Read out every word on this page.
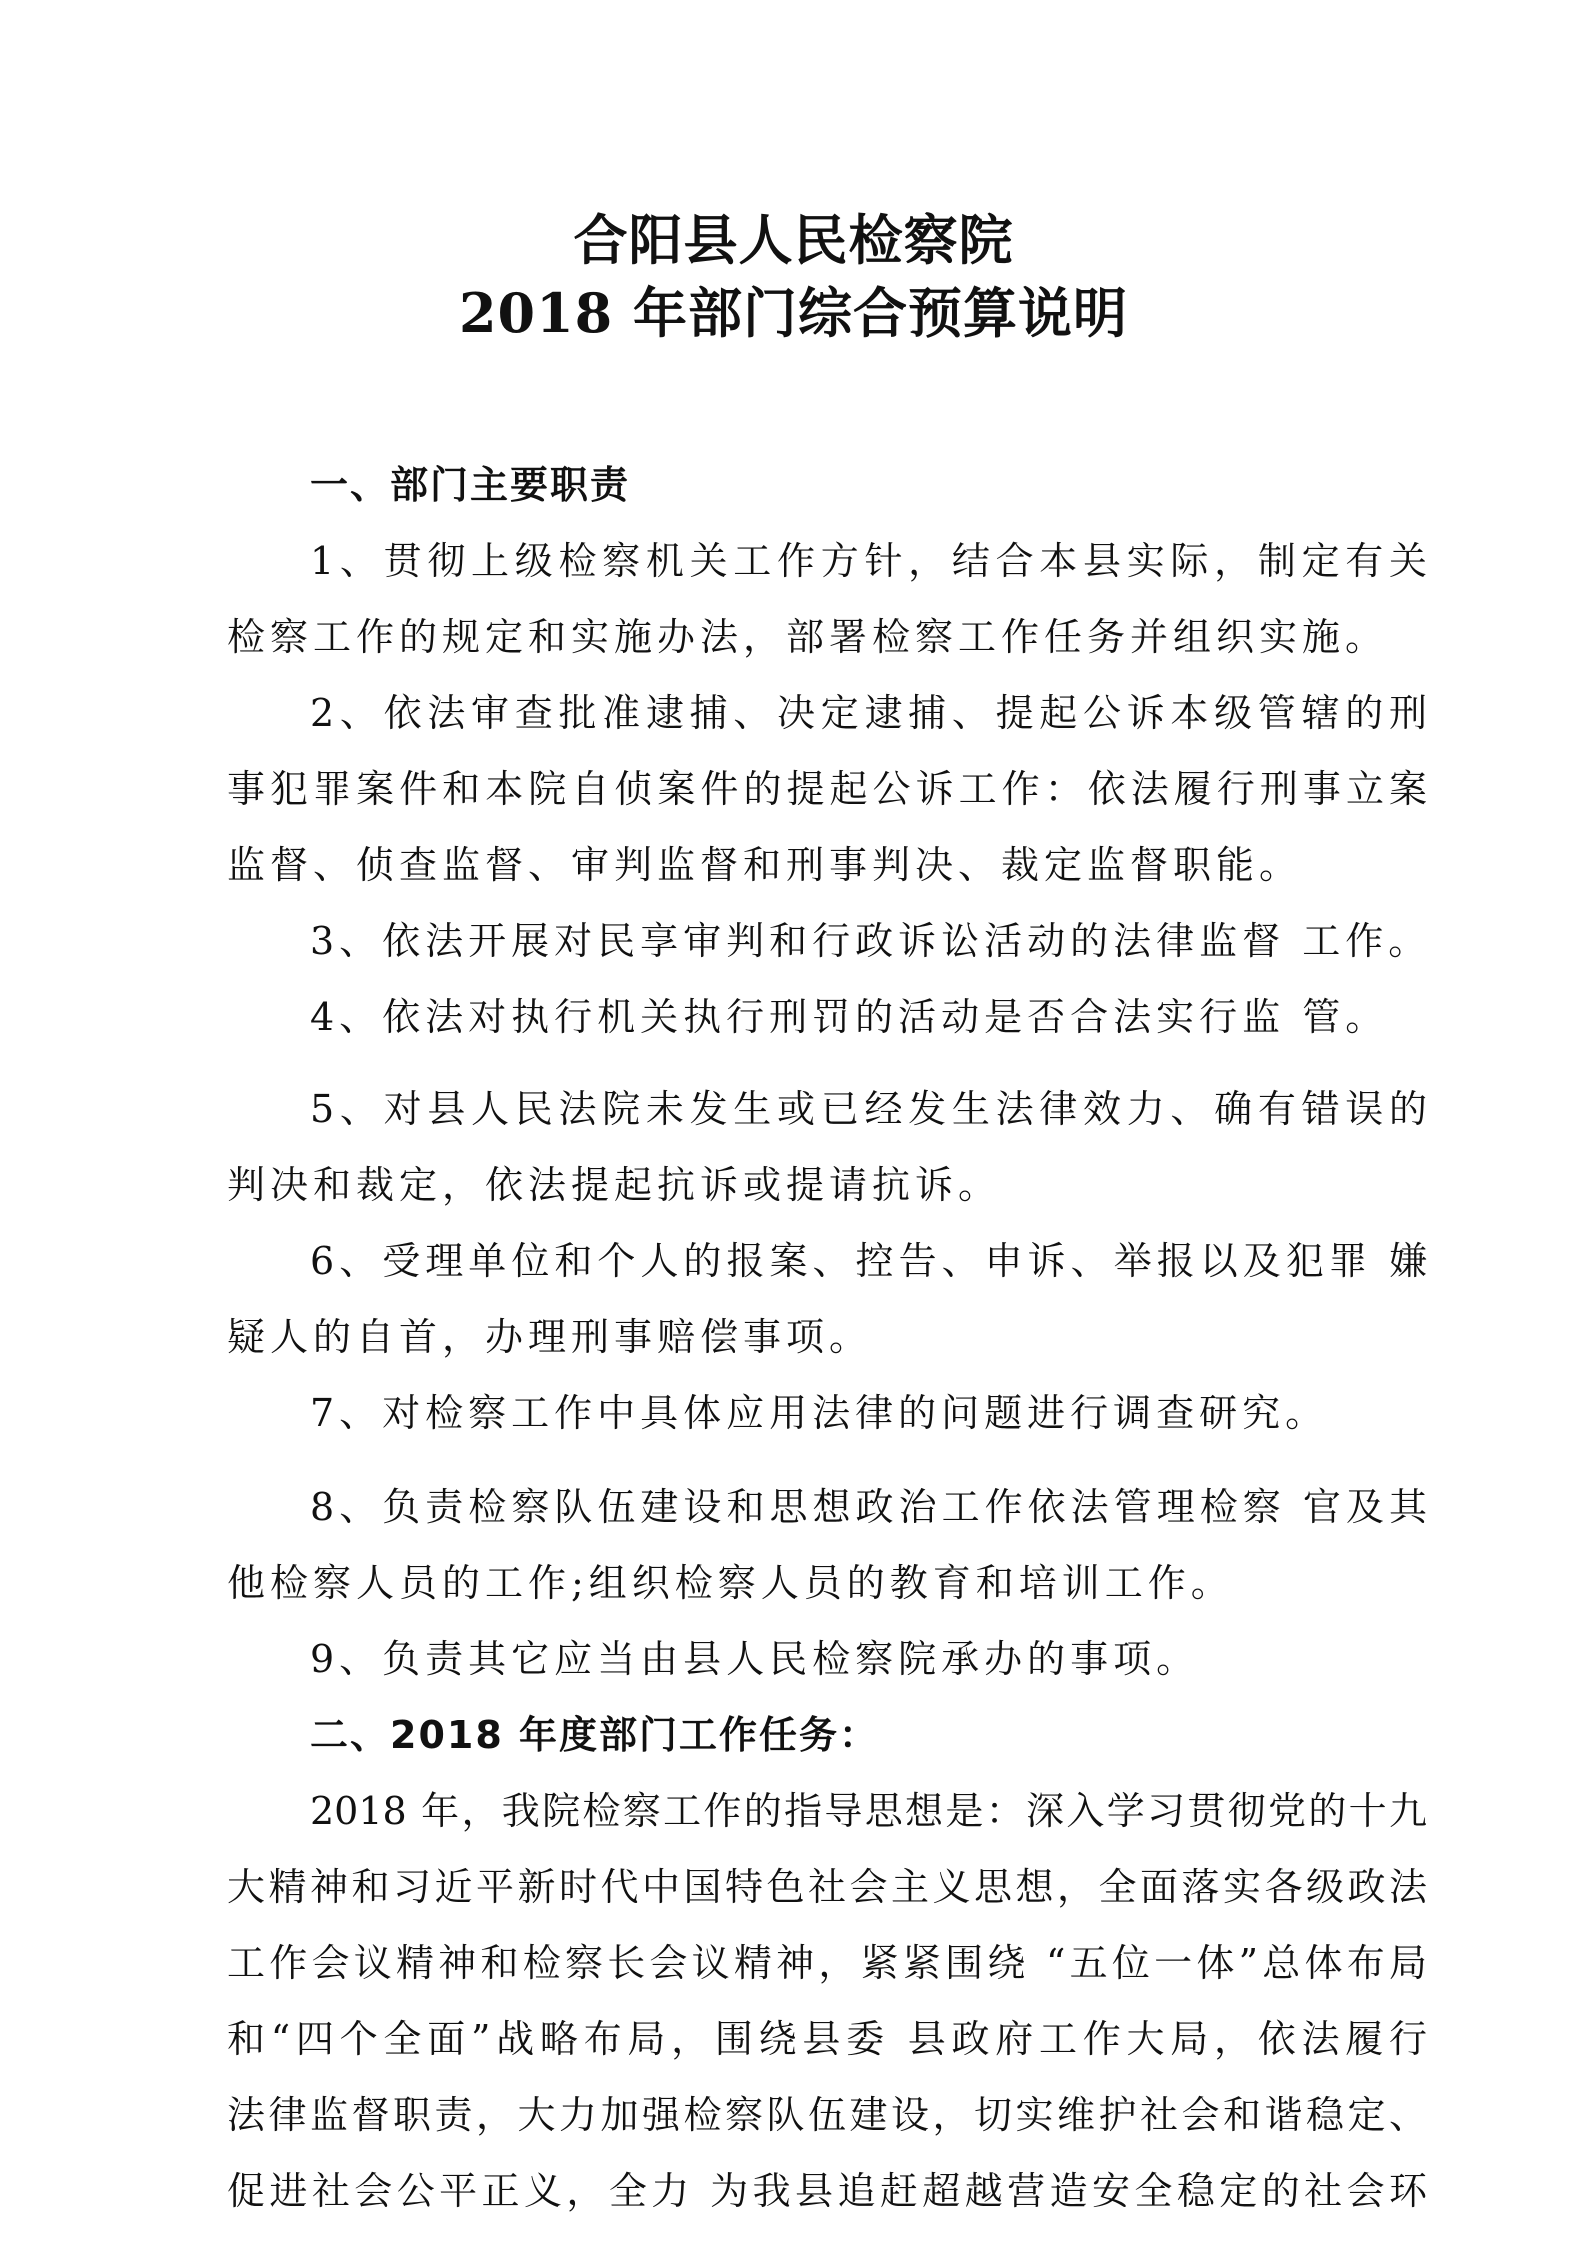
合阳县人民检察院
2018 年部门综合预算说明
一、部门主要职责
1、贯彻上级检察机关工作方针，结合本县实际，制定有关
检察工作的规定和实施办法，部署检察工作任务并组织实施。
2、依法审查批准逮捕、决定逮捕、提起公诉本级管辖的刑
事犯罪案件和本院自侦案件的提起公诉工作：依法履行刑事立案
监督、侦查监督、审判监督和刑事判决、裁定监督职能。
3、依法开展对民享审判和行政诉讼活动的法律监督 工作。
4、依法对执行机关执行刑罚的活动是否合法实行监 管。
5、对县人民法院未发生或已经发生法律效力、确有错误的
判决和裁定，依法提起抗诉或提请抗诉。
6、受理单位和个人的报案、控告、申诉、举报以及犯罪 嫌
疑人的自首，办理刑事赔偿事项。
7、对检察工作中具体应用法律的问题进行调查研究。
8、负责检察队伍建设和思想政治工作依法管理检察 官及其
他检察人员的工作;组织检察人员的教育和培训工作。
9、负责其它应当由县人民检察院承办的事项。
二、2018 年度部门工作任务：
2018 年，我院检察工作的指导思想是：深入学习贯彻党的十九
大精神和习近平新时代中国特色社会主义思想，全面落实各级政法
工作会议精神和检察长会议精神，紧紧围绕 “五位一体”总体布局
和“四个全面”战略布局，围绕县委 县政府工作大局，依法履行
法律监督职责，大力加强检察队伍建设，切实维护社会和谐稳定、
促进社会公平正义，全力 为我县追赶超越营造安全稳定的社会环
